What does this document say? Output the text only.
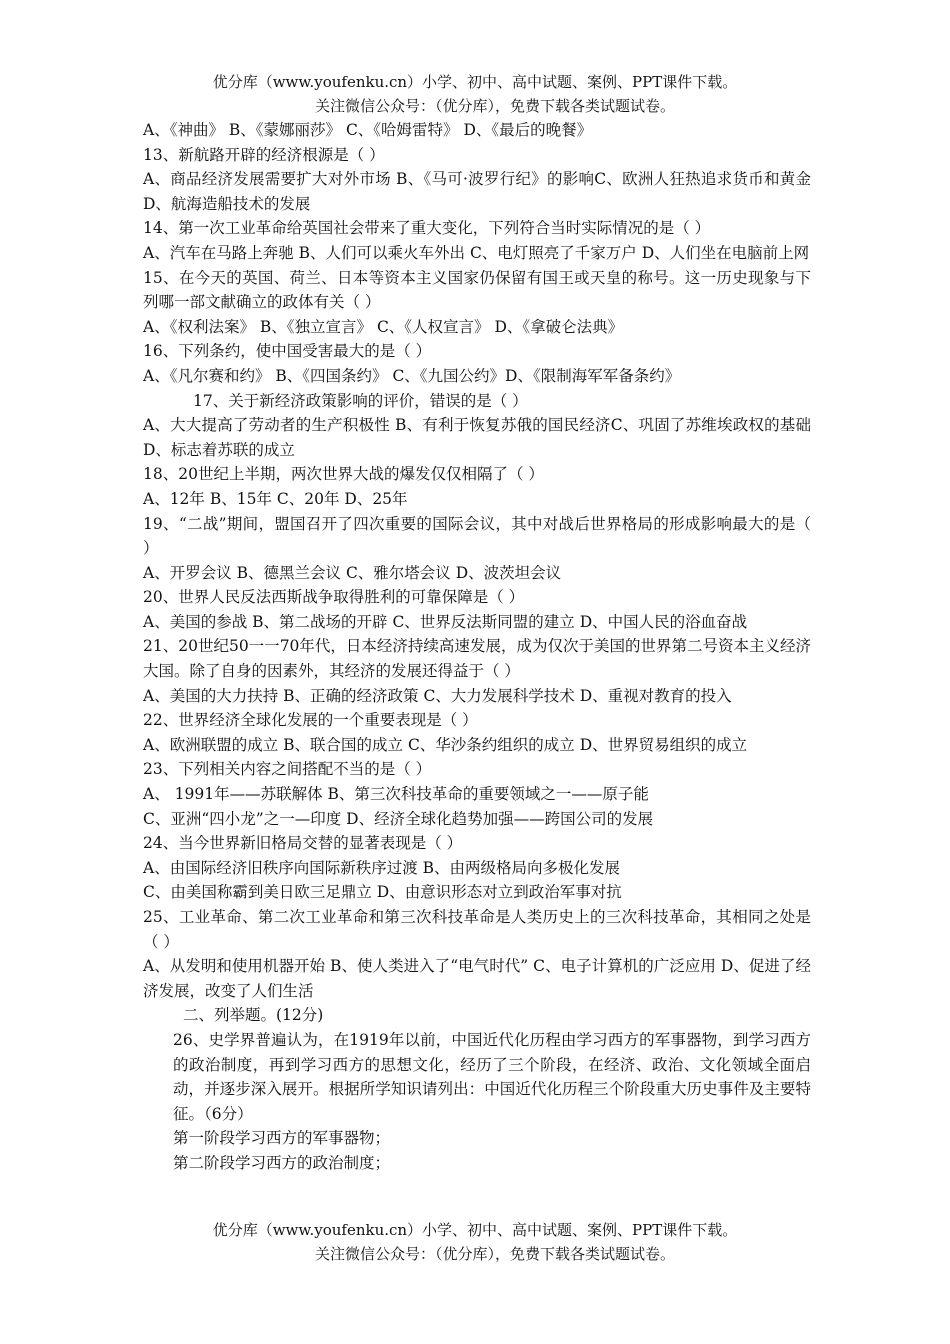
优分库（www.youfenku.cn）小学、初中、高中试题、案例、PPT课件下载。
关注微信公众号：（优分库），免费下载各类试题试卷。

A、《神曲》 B、《蒙娜丽莎》 C、《哈姆雷特》 D、《最后的晚餐》

13、新航路开辟的经济根源是（ ）

A、商品经济发展需要扩大对外市场 B、《马可·波罗行纪》的影响C、欧洲人狂热追求货币和黄金 D、航海造船技术的发展

14、第一次工业革命给英国社会带来了重大变化，下列符合当时实际情况的是（ ）

A、汽车在马路上奔驰 B、人们可以乘火车外出 C、电灯照亮了千家万户 D、人们坐在电脑前上网

15、在今天的英国、荷兰、日本等资本主义国家仍保留有国王或天皇的称号。这一历史现象与下列哪一部文献确立的政体有关（ ）

A、《权利法案》 B、《独立宣言》 C、《人权宣言》 D、《拿破仑法典》

16、下列条约，使中国受害最大的是（ ）

A、《凡尔赛和约》 B、《四国条约》 C、《九国公约》D、《限制海军军备条约》

17、关于新经济政策影响的评价，错误的是（ ）

A、大大提高了劳动者的生产积极性 B、有利于恢复苏俄的国民经济C、巩固了苏维埃政权的基础 D、标志着苏联的成立

18、20世纪上半期，两次世界大战的爆发仅仅相隔了（ ）

A、12年 B、15年 C、20年 D、25年

19、“二战”期间，盟国召开了四次重要的国际会议，其中对战后世界格局的形成影响最大的是（ ）

A、开罗会议 B、德黑兰会议 C、雅尔塔会议 D、波茨坦会议

20、世界人民反法西斯战争取得胜利的可靠保障是（ ）

A、美国的参战 B、第二战场的开辟 C、世界反法斯同盟的建立 D、中国人民的浴血奋战

21、20世纪50一一70年代，日本经济持续高速发展，成为仅次于美国的世界第二号资本主义经济大国。除了自身的因素外，其经济的发展还得益于（ ）

A、美国的大力扶持 B、正确的经济政策 C、大力发展科学技术 D、重视对教育的投入

22、世界经济全球化发展的一个重要表现是（ ）

A、欧洲联盟的成立 B、联合国的成立 C、华沙条约组织的成立 D、世界贸易组织的成立

23、下列相关内容之间搭配不当的是（ ）

A、 1991年——苏联解体 B、第三次科技革命的重要领域之一——原子能

C、亚洲“四小龙”之一—印度 D、经济全球化趋势加强——跨国公司的发展

24、当今世界新旧格局交替的显著表现是（ ）

A、由国际经济旧秩序向国际新秩序过渡 B、由两级格局向多极化发展

C、由美国称霸到美日欧三足鼎立 D、由意识形态对立到政治军事对抗

25、工业革命、第二次工业革命和第三次科技革命是人类历史上的三次科技革命，其相同之处是（ ）

A、从发明和使用机器开始 B、使人类进入了“电气时代” C、电子计算机的广泛应用 D、促进了经济发展，改变了人们生活

二、列举题。(12分)

26、史学界普遍认为，在1919年以前，中国近代化历程由学习西方的军事器物，到学习西方的政治制度，再到学习西方的思想文化，经历了三个阶段，在经济、政治、文化领域全面启动，并逐步深入展开。根据所学知识请列出：中国近代化历程三个阶段重大历史事件及主要特征。（6分）

第一阶段学习西方的军事器物；

第二阶段学习西方的政治制度；

优分库（www.youfenku.cn）小学、初中、高中试题、案例、PPT课件下载。
关注微信公众号：（优分库），免费下载各类试题试卷。
